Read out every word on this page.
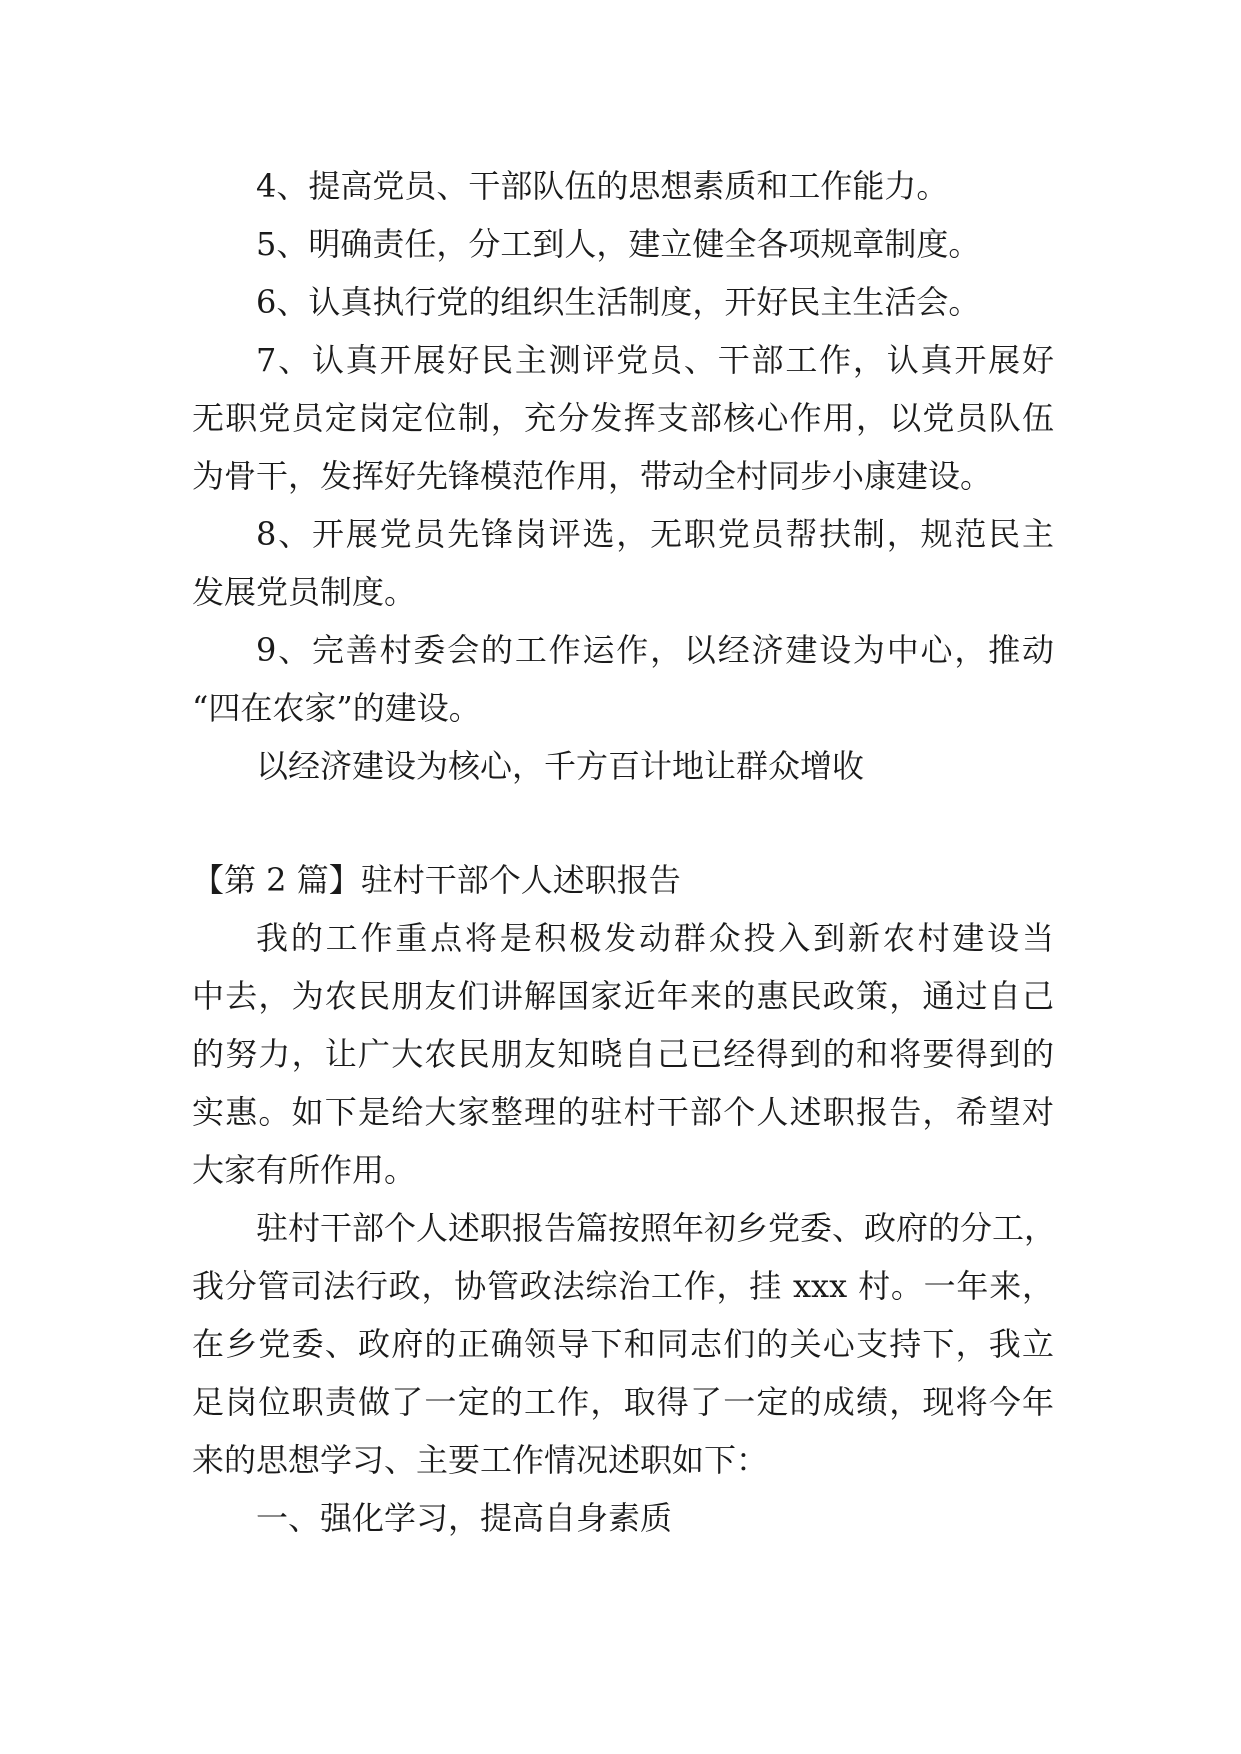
4、提高党员、干部队伍的思想素质和工作能力。
5、明确责任，分工到人，建立健全各项规章制度。
6、认真执行党的组织生活制度，开好民主生活会。
7、认真开展好民主测评党员、干部工作，认真开展好
无职党员定岗定位制，充分发挥支部核心作用，以党员队伍
为骨干，发挥好先锋模范作用，带动全村同步小康建设。
8、开展党员先锋岗评选，无职党员帮扶制，规范民主
发展党员制度。
9、完善村委会的工作运作，以经济建设为中心，推动
“四在农家”的建设。
以经济建设为核心，千方百计地让群众增收
【第 2 篇】驻村干部个人述职报告
我的工作重点将是积极发动群众投入到新农村建设当
中去，为农民朋友们讲解国家近年来的惠民政策，通过自己
的努力，让广大农民朋友知晓自己已经得到的和将要得到的
实惠。如下是给大家整理的驻村干部个人述职报告，希望对
大家有所作用。
驻村干部个人述职报告篇按照年初乡党委、政府的分工，
我分管司法行政，协管政法综治工作，挂 xxx 村。一年来，
在乡党委、政府的正确领导下和同志们的关心支持下，我立
足岗位职责做了一定的工作，取得了一定的成绩，现将今年
来的思想学习、主要工作情况述职如下：
一、强化学习，提高自身素质
